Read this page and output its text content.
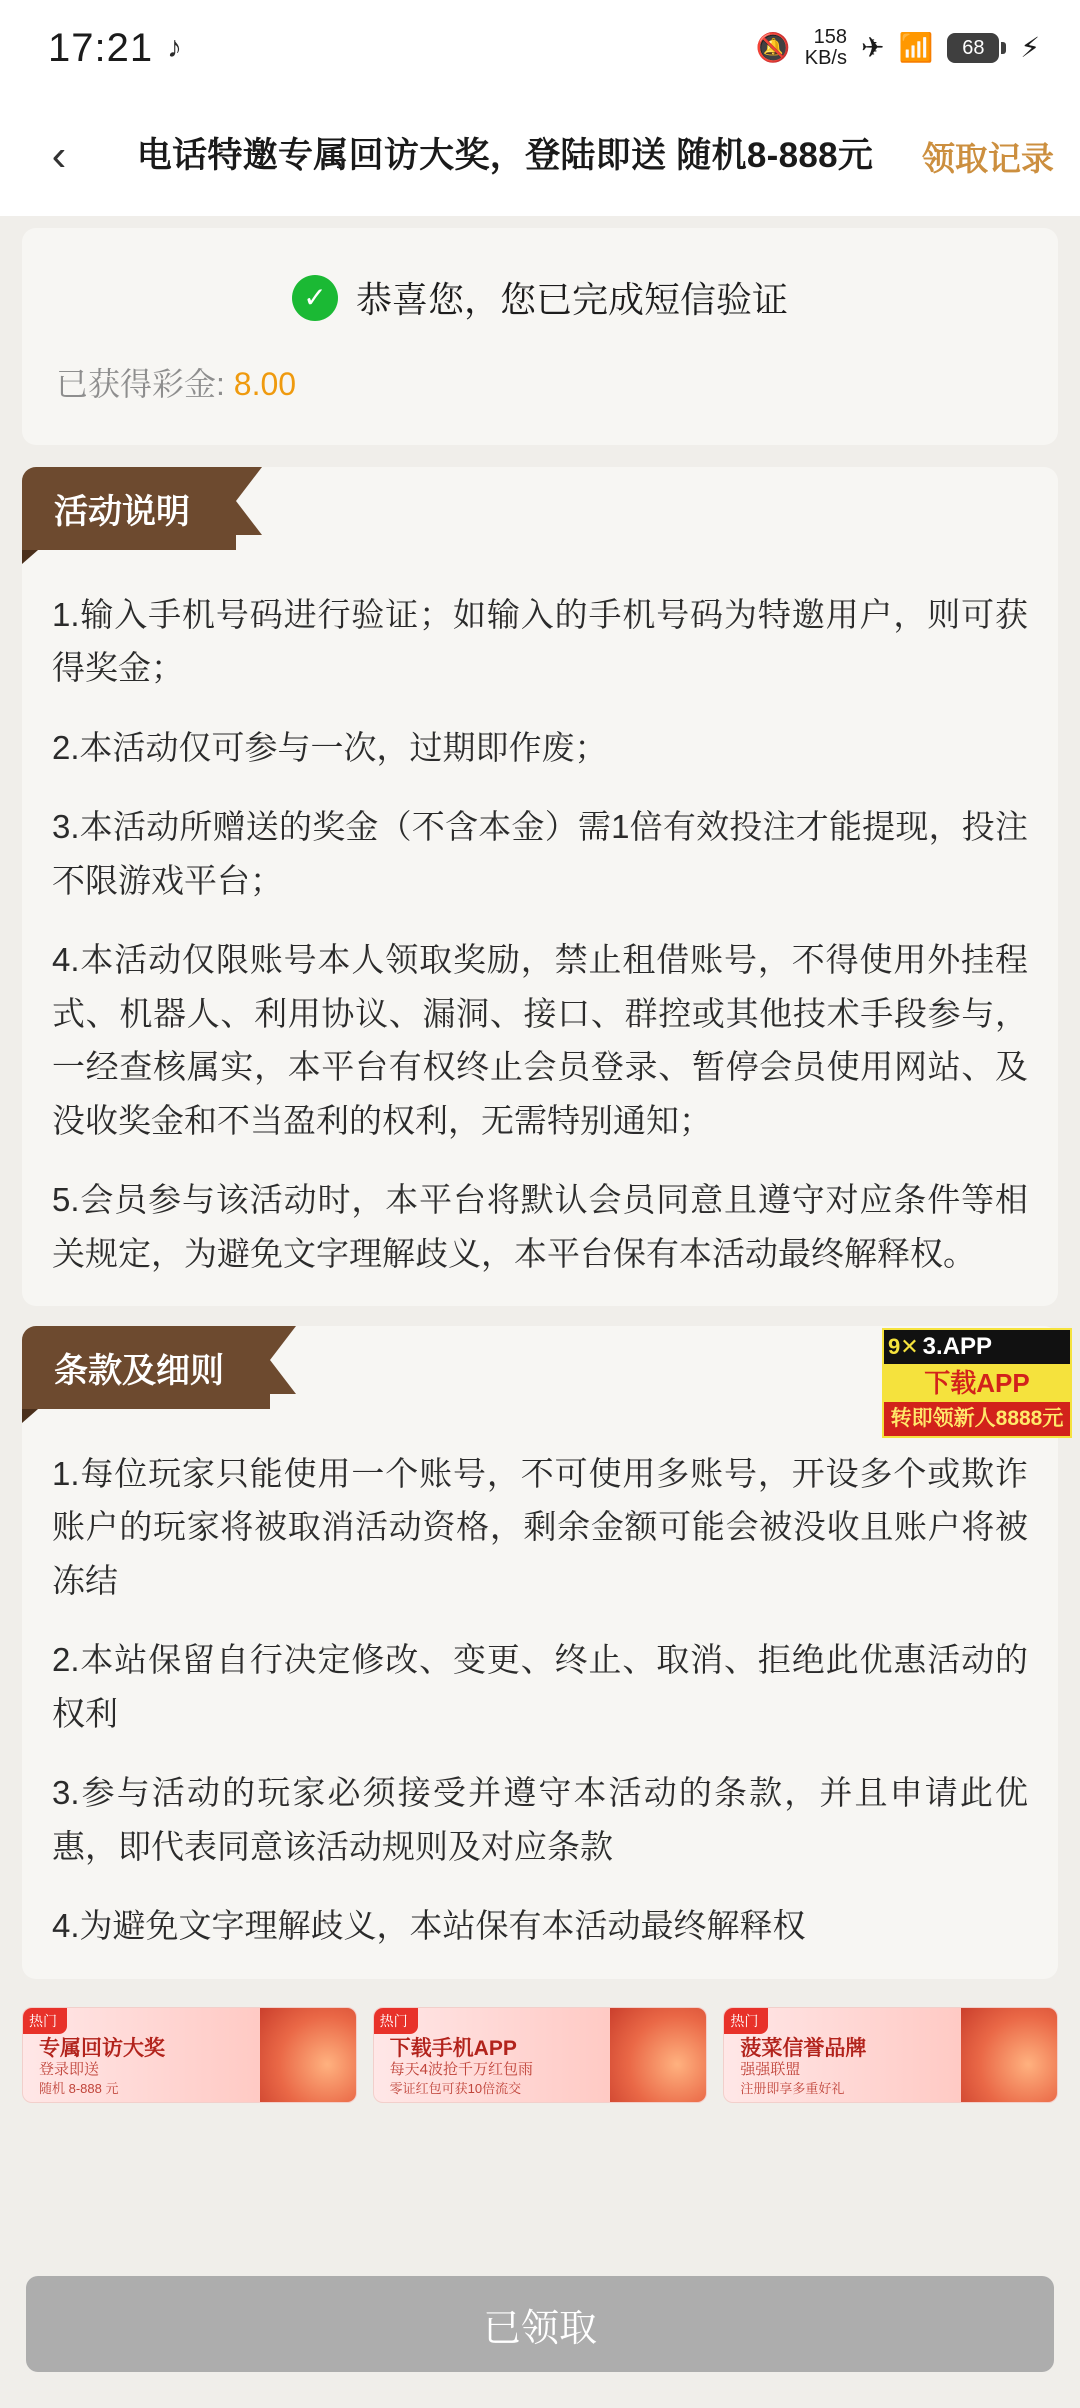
17:21 ♪	🔕 158
KB/s ✈ 📶	68	⚡
‹	电话特邀专属回访大奖，登陆即送 随机8-888元	领取记录
✓ 恭喜您，您已完成短信验证
已获得彩金: 8.00
活动说明
1.输入手机号码进行验证；如输入的手机号码为特邀用户，则可获得奖金；
2.本活动仅可参与一次，过期即作废；
3.本活动所赠送的奖金（不含本金）需1倍有效投注才能提现，投注不限游戏平台；
4.本活动仅限账号本人领取奖励，禁止租借账号，不得使用外挂程式、机器人、利用协议、漏洞、接口、群控或其他技术手段参与，一经查核属实，本平台有权终止会员登录、暂停会员使用网站、及没收奖金和不当盈利的权利，无需特别通知；
5.会员参与该活动时，本平台将默认会员同意且遵守对应条件等相关规定，为避免文字理解歧义，本平台保有本活动最终解释权。
条款及细则
1.每位玩家只能使用一个账号，不可使用多账号，开设多个或欺诈账户的玩家将被取消活动资格，剩余金额可能会被没收且账户将被冻结
2.本站保留自行决定修改、变更、终止、取消、拒绝此优惠活动的权利
3.参与活动的玩家必须接受并遵守本活动的条款，并且申请此优惠，即代表同意该活动规则及对应条款
4.为避免文字理解歧义，本站保有本活动最终解释权
热门
专属回访大奖
登录即送
随机 8-888 元
热门
下载手机APP
每天4波抢千万红包雨
零证红包可获10倍流交
热门
菠菜信誉品牌
强强联盟
注册即享多重好礼
9✕ 3.APP
下载APP
转即领新人8888元
已领取
